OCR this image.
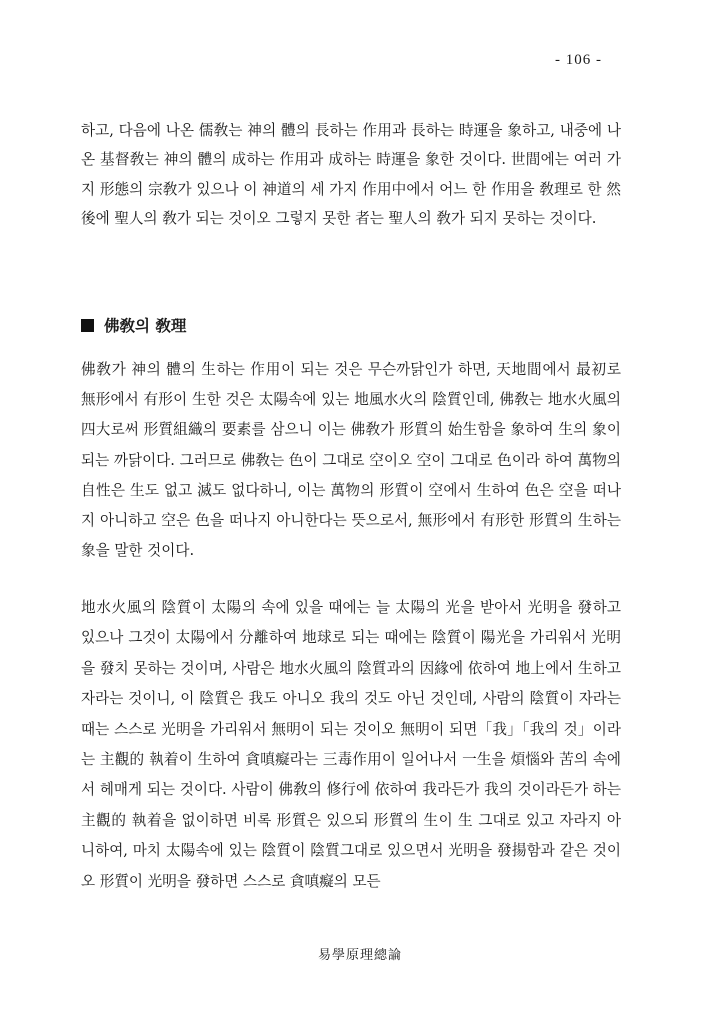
- 106 -

하고, 다음에 나온 儒敎는 神의 體의 長하는 作用과 長하는 時運을 象하고, 내중에 나온 基督敎는 神의 體의 成하는 作用과 成하는 時運을 象한 것이다. 世間에는 여러 가지 形態의 宗敎가 있으나 이 神道의 세 가지 作用中에서 어느 한 作用을 敎理로 한 然後에 聖人의 敎가 되는 것이오 그렇지 못한 者는 聖人의 敎가 되지 못하는 것이다.

佛敎의 敎理

佛敎가 神의 體의 生하는 作用이 되는 것은 무슨까닭인가 하면, 天地間에서 最初로 無形에서 有形이 生한 것은 太陽속에 있는 地風水火의 陰質인데, 佛敎는 地水火風의 四大로써 形質組織의 要素를 삼으니 이는 佛敎가 形質의 始生함을 象하여 生의 象이 되는 까닭이다. 그러므로 佛敎는 色이 그대로 空이오 空이 그대로 色이라 하여 萬物의 自性은 生도 없고 滅도 없다하니, 이는 萬物의 形質이 空에서 生하여 色은 空을 떠나지 아니하고 空은 色을 떠나지 아니한다는 뜻으로서, 無形에서 有形한 形質의 生하는 象을 말한 것이다.

地水火風의 陰質이 太陽의 속에 있을 때에는 늘 太陽의 光을 받아서 光明을 發하고 있으나 그것이 太陽에서 分離하여 地球로 되는 때에는 陰質이 陽光을 가리워서 光明을 發치 못하는 것이며, 사람은 地水火風의 陰質과의 因緣에 依하여 地上에서 生하고 자라는 것이니, 이 陰質은 我도 아니오 我의 것도 아닌 것인데, 사람의 陰質이 자라는 때는 스스로 光明을 가리워서 無明이 되는 것이오 無明이 되면「我」「我의 것」이라는 主觀的 執着이 生하여 貪嗔癡라는 三毒作用이 일어나서 一生을 煩惱와 苦의 속에서 헤매게 되는 것이다. 사람이 佛敎의 修行에 依하여 我라든가 我의 것이라든가 하는 主觀的 執着을 없이하면 비록 形質은 있으되 形質의 生이 生 그대로 있고 자라지 아니하여, 마치 太陽속에 있는 陰質이 陰質그대로 있으면서 光明을 發揚함과 같은 것이오 形質이 光明을 發하면 스스로 貪嗔癡의 모든

易學原理總論
